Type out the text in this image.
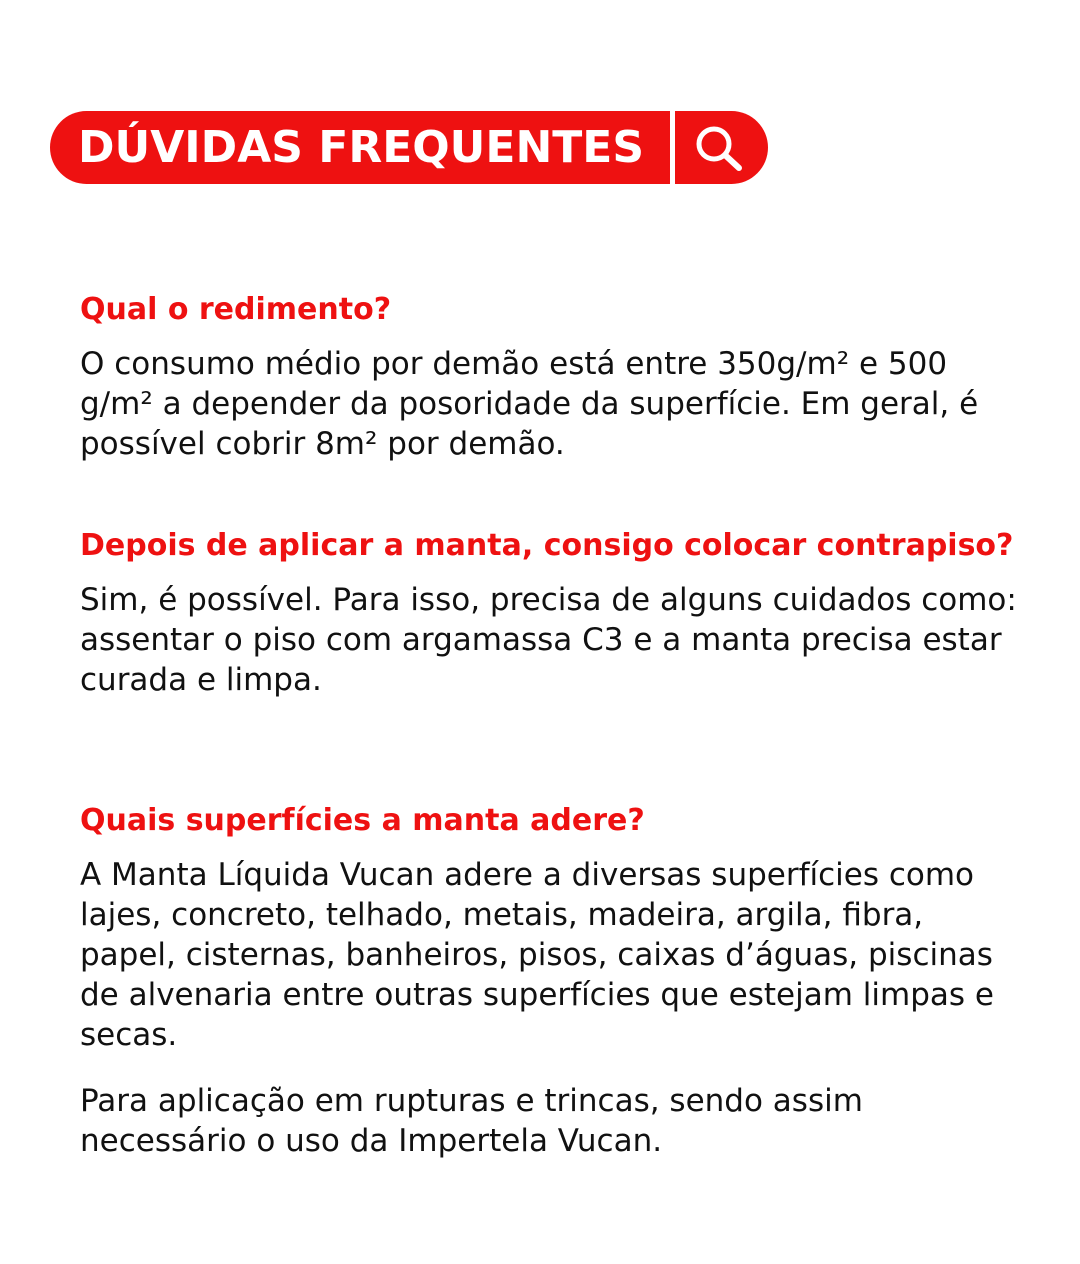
DÚVIDAS FREQUENTES

Qual o redimento?

O consumo médio por demão está entre 350g/m² e 500 g/m² a depender da posoridade da superfície. Em geral, é possível cobrir 8m² por demão.

Depois de aplicar a manta, consigo colocar contrapiso?

Sim, é possível. Para isso, precisa de alguns cuidados como: assentar o piso com argamassa C3 e a manta precisa estar curada e limpa.

Quais superfícies a manta adere?

A Manta Líquida Vucan adere a diversas superfícies como lajes, concreto, telhado, metais, madeira, argila, fibra, papel, cisternas, banheiros, pisos, caixas d’águas, piscinas de alvenaria entre outras superfícies que estejam limpas e secas.

Para aplicação em rupturas e trincas, sendo assim necessário o uso da Impertela Vucan.
